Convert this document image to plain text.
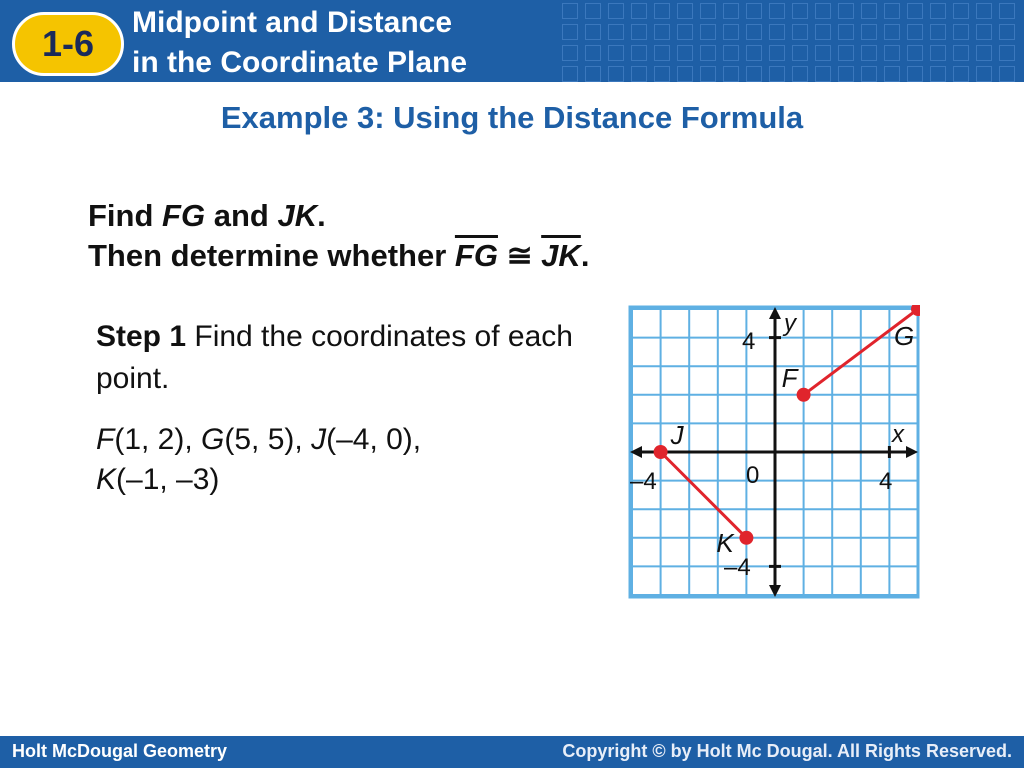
1-6
Midpoint and Distance
in the Coordinate Plane
Example 3: Using the Distance Formula
Find FG and JK.
Then determine whether $\overline{FG}$ ≅ $\overline{JK}$.
Step 1 Find the coordinates of each point.
F(1, 2), G(5, 5), J(–4, 0),
K(–1, –3)
x
y
–4	4
0
4
–4
F
G
J
K
Holt McDougal Geometry	Copyright © by Holt Mc Dougal. All Rights Reserved.
